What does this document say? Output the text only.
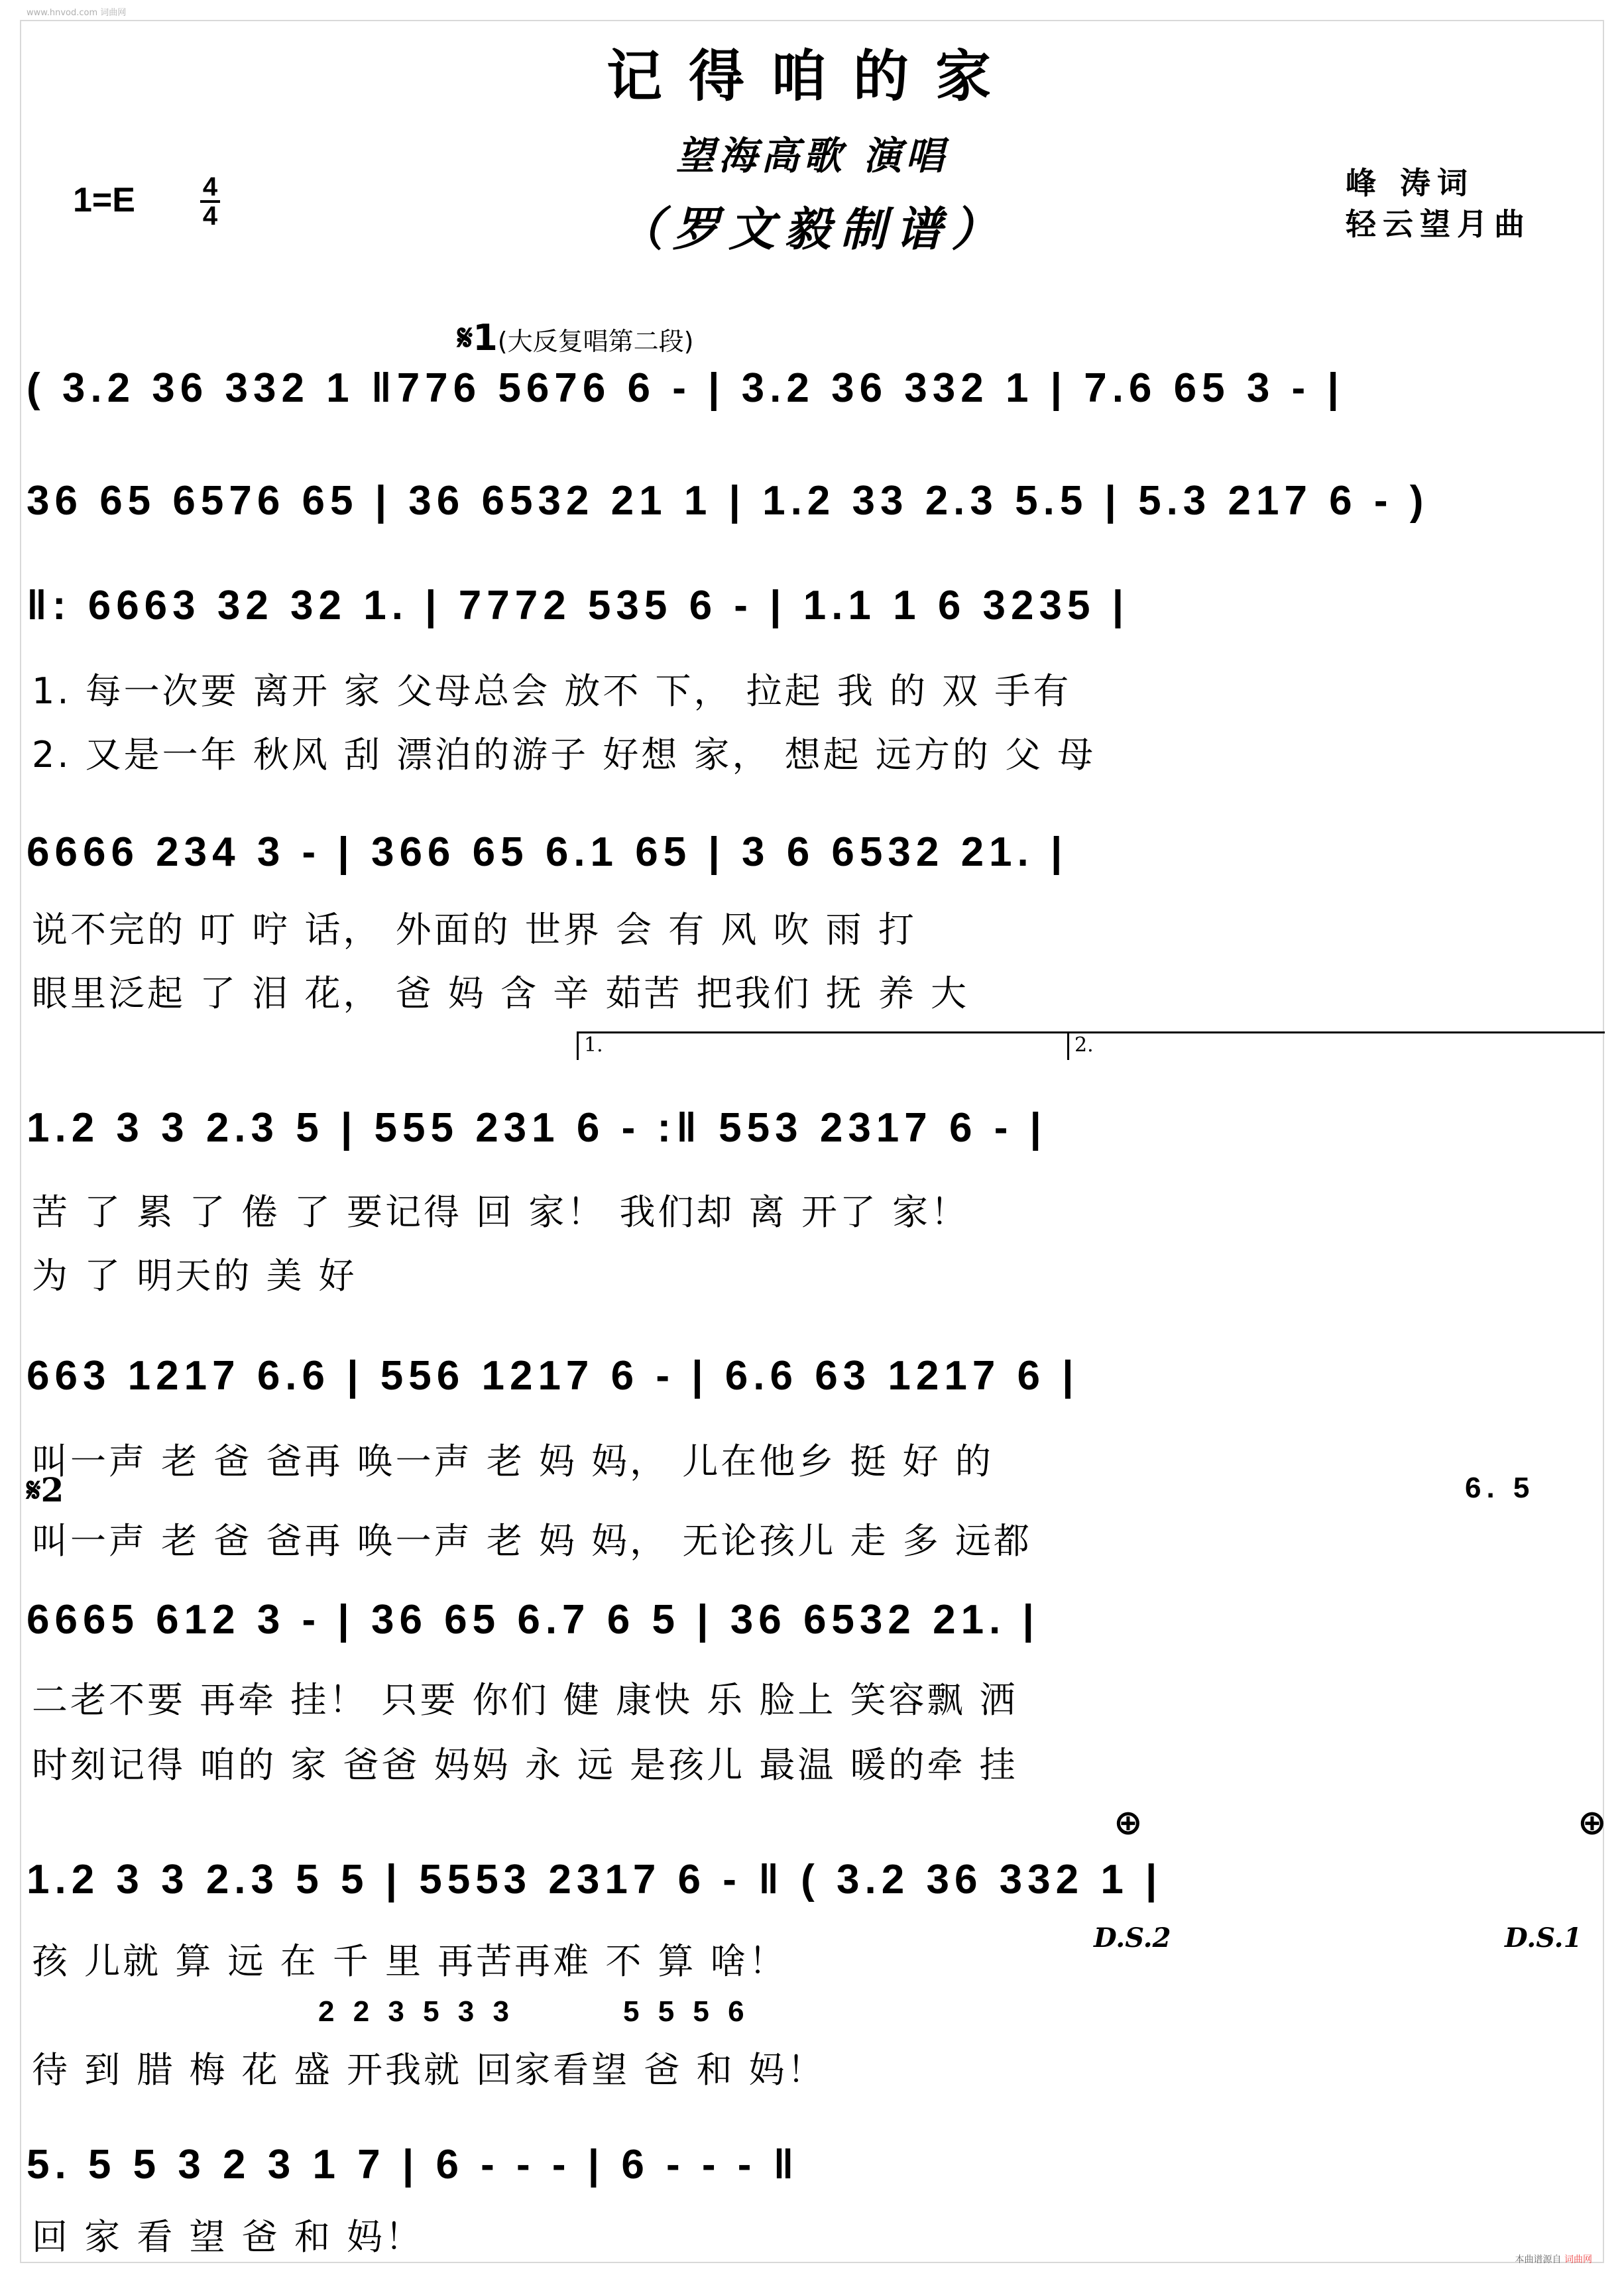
www.hnvod.com 词曲网
记得咱的家
望海高歌 演唱
（罗文毅制谱）
1=E	4
4
峰 涛词
轻云望月曲
𝄋1(大反复唱第二段)
( 3.2 36 332 1 ‖776 5676 6 - | 3.2 36 332 1 | 7.6 65 3 - |
36 65 6576 65 | 36 6532 21 1 | 1.2 33 2.3 5.5 | 5.3 217 6 - )
‖: 6663 32 32 1. | 7772 535 6 - | 1.1 1 6 3235 |
1. 每一次要 离开 家 父母总会 放不 下， 拉起 我 的 双 手有
2. 又是一年 秋风 刮 漂泊的游子 好想 家， 想起 远方的 父 母
6666 234 3 - | 366 65 6.1 65 | 3 6 6532 21. |
说不完的 叮 咛 话， 外面的 世界 会 有 风 吹 雨 打
眼里泛起 了 泪 花， 爸 妈 含 辛 茹苦 把我们 抚 养 大
1.	2.
1.2 3 3 2.3 5 | 555 231 6 - :‖ 553 2317 6 - |
苦 了 累 了 倦 了 要记得 回 家！ 我们却 离 开了 家！
为 了 明天的 美 好
663 1217 6.6 | 556 1217 6 - | 6.6 63 1217 6 |
叫一声 老 爸 爸再 唤一声 老 妈 妈， 儿在他乡 挺 好 的
𝄋2	6. 5
叫一声 老 爸 爸再 唤一声 老 妈 妈， 无论孩儿 走 多 远都
6665 612 3 - | 36 65 6.7 6 5 | 36 6532 21. |
二老不要 再牵 挂！ 只要 你们 健 康快 乐 脸上 笑容飘 洒
时刻记得 咱的 家 爸爸 妈妈 永 远 是孩儿 最温 暖的牵 挂
⊕	⊕
1.2 3 3 2.3 5 5 | 5553 2317 6 - ‖ ( 3.2 36 332 1 |
D.S.2	D.S.1
孩 儿就 算 远 在 千 里 再苦再难 不 算 啥！
2 2 3 5 3 3	5 5 5 6
待 到 腊 梅 花 盛 开我就 回家看望 爸 和 妈！
5. 5 5 3 2 3 1 7 | 6 - - - | 6 - - - ‖
回 家 看 望 爸 和 妈！
本曲谱源自 词曲网
